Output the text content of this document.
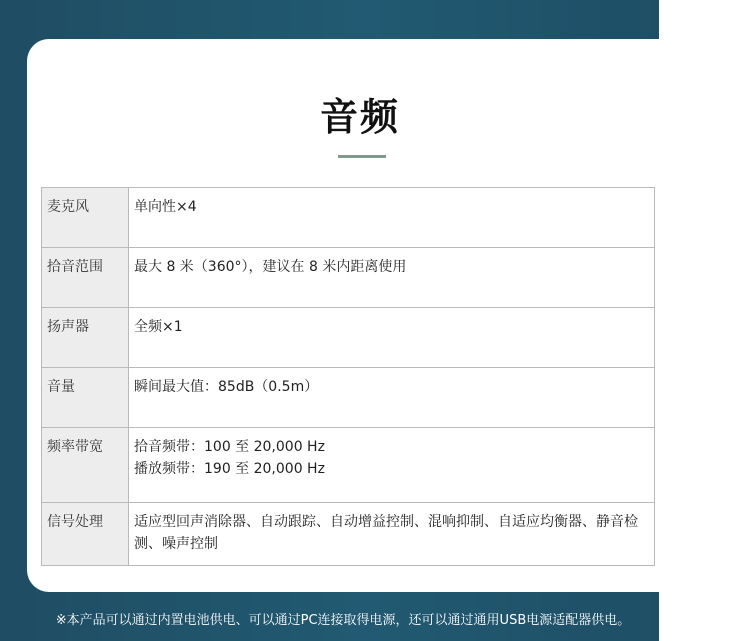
音频
麦克风	单向性×4

拾音范围	最大 8 米（360°），建议在 8 米内距离使用

扬声器	全频×1

音量	瞬间最大值：85dB（0.5m）

频率带宽	拾音频带：100 至 20,000 Hz
播放频带：190 至 20,000 Hz

信号处理	适应型回声消除器、自动跟踪、自动增益控制、混响抑制、自适应均衡器、静音检测、噪声控制
※本产品可以通过内置电池供电、可以通过PC连接取得电源，还可以通过通用USB电源适配器供电。
